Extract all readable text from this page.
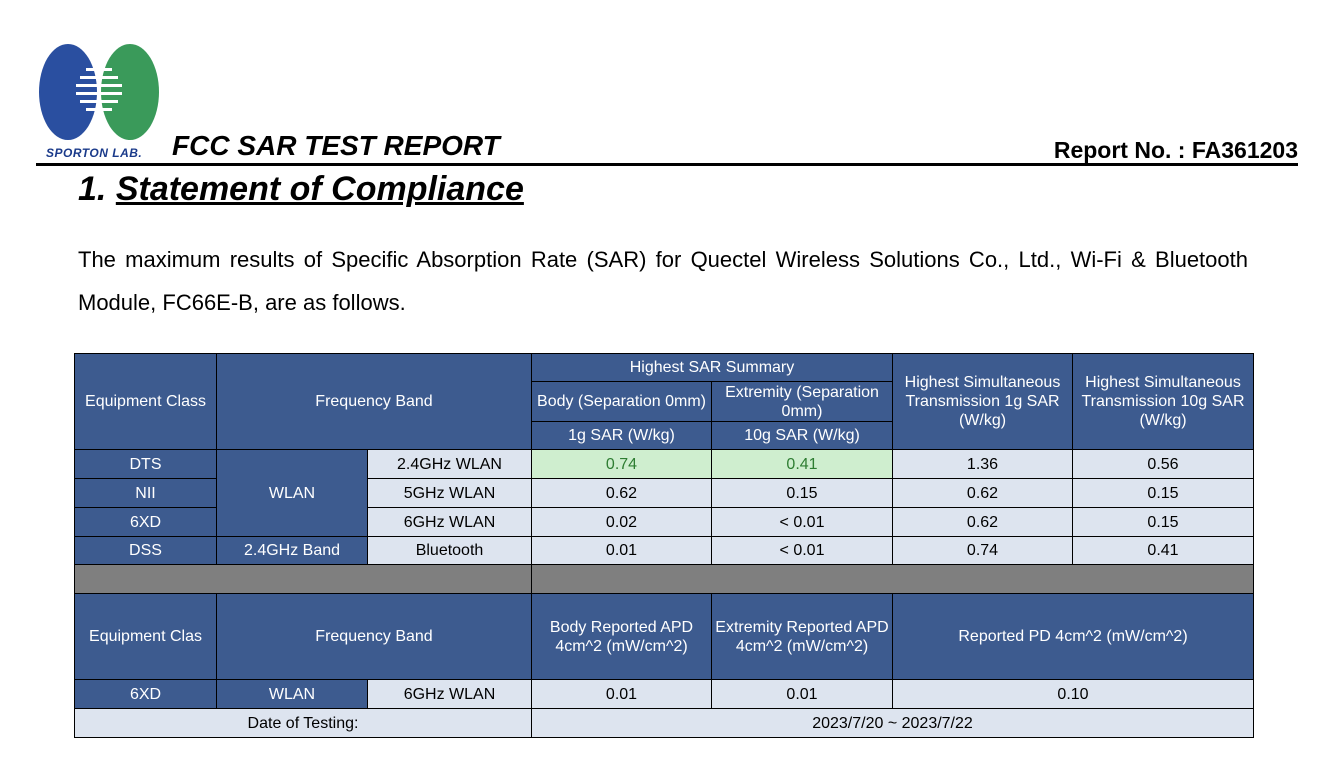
SPORTON LAB. FCC SAR TEST REPORT	Report No. : FA361203
1. Statement of Compliance
The maximum results of Specific Absorption Rate (SAR) for Quectel Wireless Solutions Co., Ltd., Wi-Fi & Bluetooth Module, FC66E-B, are as follows.
Equipment Class	Frequency Band		Highest SAR Summary		Highest Simultaneous Transmission 1g SAR (W/kg)	Highest Simultaneous Transmission 10g SAR (W/kg)
			Body (Separation 0mm)	Extremity (Separation 0mm)		
			1g SAR (W/kg)	10g SAR (W/kg)		
DTS	WLAN	2.4GHz WLAN	0.74	0.41	1.36	0.56
NII		5GHz WLAN	0.62	0.15	0.62	0.15
6XD		6GHz WLAN	0.02	< 0.01	0.62	0.15
DSS	2.4GHz Band	Bluetooth	0.01	< 0.01	0.74	0.41

Equipment Clas	Frequency Band		Body Reported APD 4cm^2 (mW/cm^2)	Extremity Reported APD 4cm^2 (mW/cm^2)	Reported PD 4cm^2 (mW/cm^2)	
6XD	WLAN	6GHz WLAN	0.01	0.01	0.10	
Date of Testing:			2023/7/20 ~ 2023/7/22			
